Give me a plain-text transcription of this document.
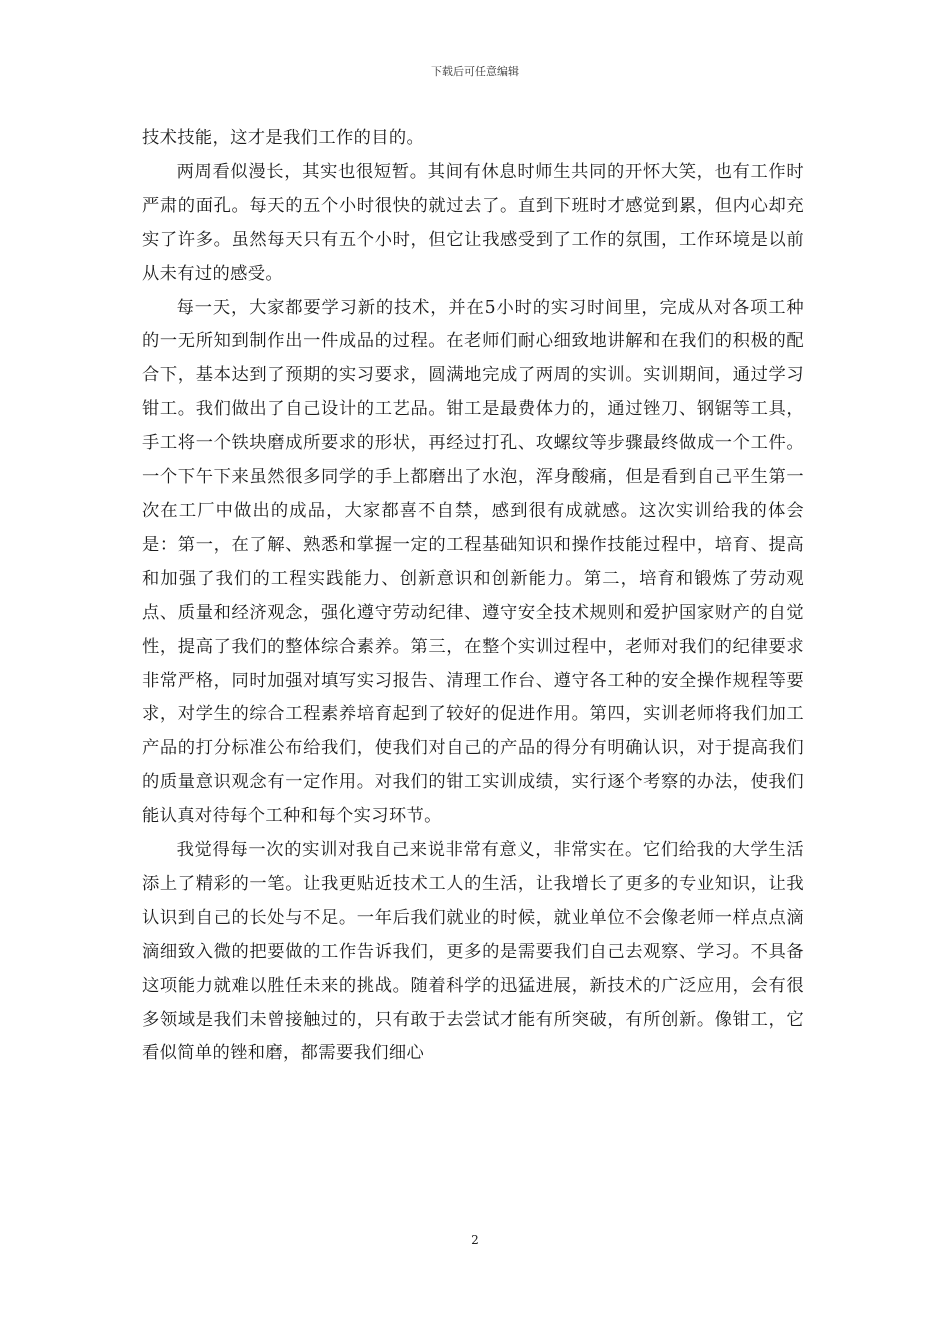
下载后可任意编辑

技术技能，这才是我们工作的目的。

两周看似漫长，其实也很短暂。其间有休息时师生共同的开怀大笑，也有工作时严肃的面孔。每天的五个小时很快的就过去了。直到下班时才感觉到累，但内心却充实了许多。虽然每天只有五个小时，但它让我感受到了工作的氛围，工作环境是以前从未有过的感受。

每一天，大家都要学习新的技术，并在5小时的实习时间里，完成从对各项工种的一无所知到制作出一件成品的过程。在老师们耐心细致地讲解和在我们的积极的配合下，基本达到了预期的实习要求，圆满地完成了两周的实训。实训期间，通过学习钳工。我们做出了自己设计的工艺品。钳工是最费体力的，通过锉刀、钢锯等工具，手工将一个铁块磨成所要求的形状，再经过打孔、攻螺纹等步骤最终做成一个工件。一个下午下来虽然很多同学的手上都磨出了水泡，浑身酸痛，但是看到自己平生第一次在工厂中做出的成品，大家都喜不自禁，感到很有成就感。这次实训给我的体会是：第一，在了解、熟悉和掌握一定的工程基础知识和操作技能过程中，培育、提高和加强了我们的工程实践能力、创新意识和创新能力。第二，培育和锻炼了劳动观点、质量和经济观念，强化遵守劳动纪律、遵守安全技术规则和爱护国家财产的自觉性，提高了我们的整体综合素养。第三，在整个实训过程中，老师对我们的纪律要求非常严格，同时加强对填写实习报告、清理工作台、遵守各工种的安全操作规程等要求，对学生的综合工程素养培育起到了较好的促进作用。第四，实训老师将我们加工产品的打分标准公布给我们，使我们对自己的产品的得分有明确认识，对于提高我们的质量意识观念有一定作用。对我们的钳工实训成绩，实行逐个考察的办法，使我们能认真对待每个工种和每个实习环节。

我觉得每一次的实训对我自己来说非常有意义，非常实在。它们给我的大学生活添上了精彩的一笔。让我更贴近技术工人的生活，让我增长了更多的专业知识，让我认识到自己的长处与不足。一年后我们就业的时候，就业单位不会像老师一样点点滴滴细致入微的把要做的工作告诉我们，更多的是需要我们自己去观察、学习。不具备这项能力就难以胜任未来的挑战。随着科学的迅猛进展，新技术的广泛应用，会有很多领域是我们未曾接触过的，只有敢于去尝试才能有所突破，有所创新。像钳工，它看似简单的锉和磨，都需要我们细心

2
